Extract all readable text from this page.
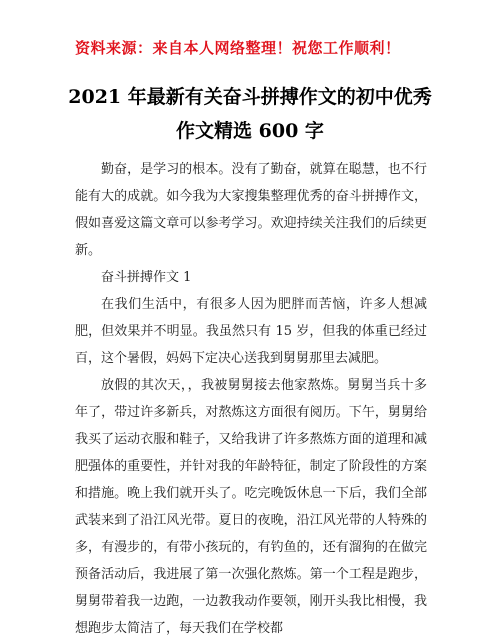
资料来源：来自本人网络整理！祝您工作顺利！
2021 年最新有关奋斗拼搏作文的初中优秀
作文精选 600 字

勤奋，是学习的根本。没有了勤奋，就算在聪慧，也不行能有大的成就。如今我为大家搜集整理优秀的奋斗拼搏作文，假如喜爱这篇文章可以参考学习。欢迎持续关注我们的后续更新。

奋斗拼搏作文 1

在我们生活中，有很多人因为肥胖而苦恼，许多人想减肥，但效果并不明显。我虽然只有 15 岁，但我的体重已经过百，这个暑假，妈妈下定决心送我到舅舅那里去减肥。

放假的其次天，，我被舅舅接去他家熬炼。舅舅当兵十多年了，带过许多新兵，对熬炼这方面很有阅历。下午，舅舅给我买了运动衣服和鞋子，又给我讲了许多熬炼方面的道理和减肥强体的重要性，并针对我的年龄特征，制定了阶段性的方案和措施。晚上我们就开头了。吃完晚饭休息一下后，我们全部武装来到了沿江风光带。夏日的夜晚，沿江风光带的人特殊的多，有漫步的，有带小孩玩的，有钓鱼的，还有溜狗的在做完预备活动后，我进展了第一次强化熬炼。第一个工程是跑步，舅舅带着我一边跑，一边教我动作要领，刚开头我比相慢，我想跑步太简洁了，每天我们在学校都
